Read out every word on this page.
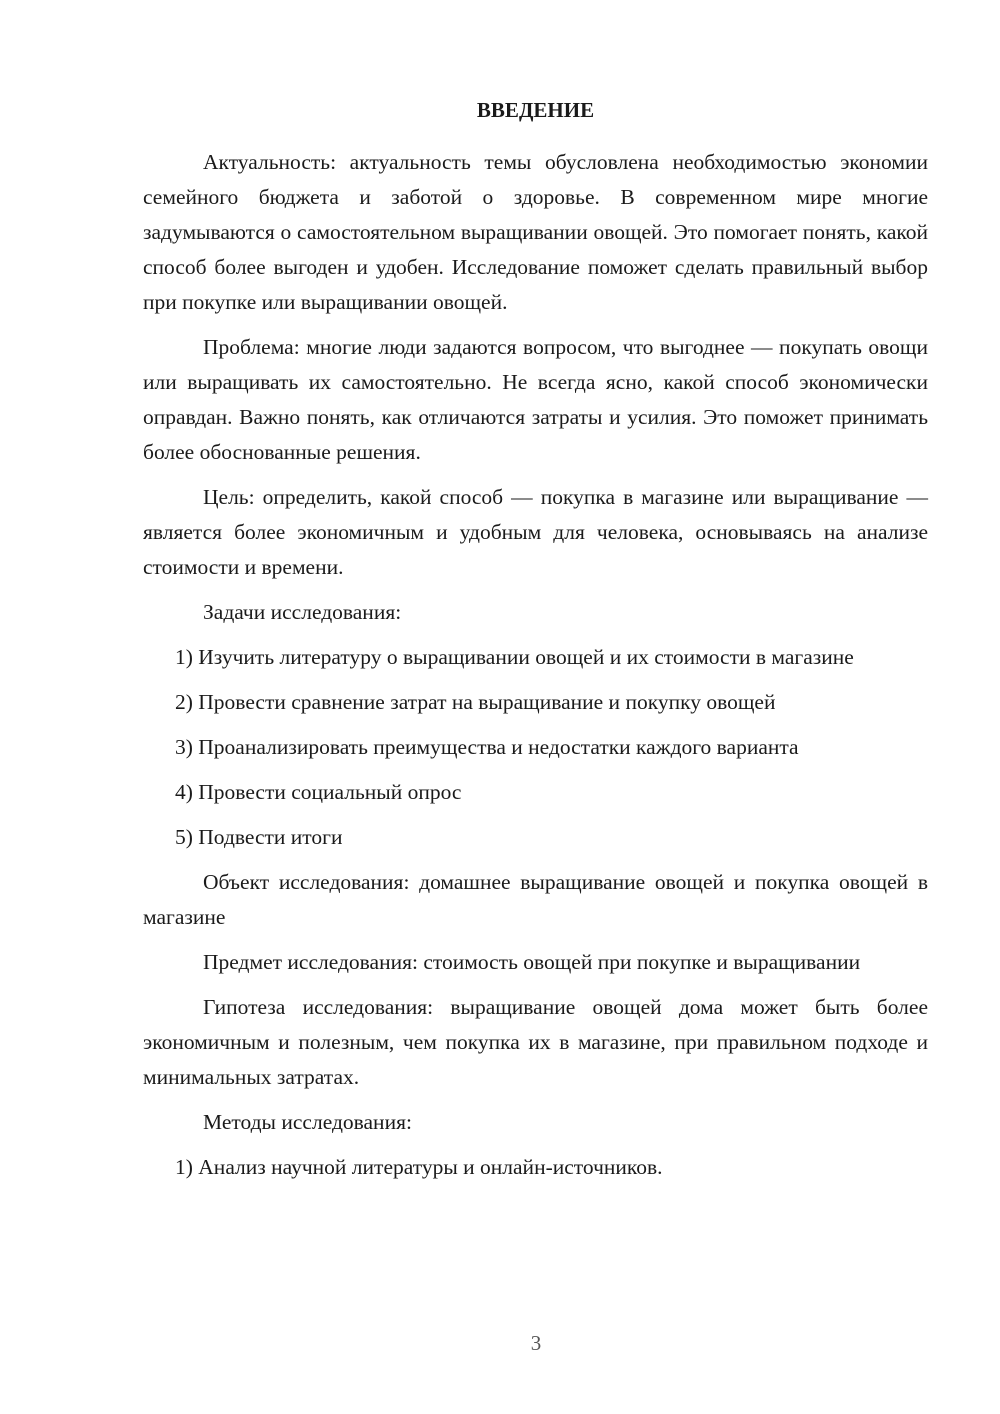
ВВЕДЕНИЕ

Актуальность: актуальность темы обусловлена необходимостью экономии семейного бюджета и заботой о здоровье. В современном мире многие задумываются о самостоятельном выращивании овощей. Это помогает понять, какой способ более выгоден и удобен. Исследование поможет сделать правильный выбор при покупке или выращивании овощей.

Проблема: многие люди задаются вопросом, что выгоднее — покупать овощи или выращивать их самостоятельно. Не всегда ясно, какой способ экономически оправдан. Важно понять, как отличаются затраты и усилия. Это поможет принимать более обоснованные решения.

Цель: определить, какой способ — покупка в магазине или выращивание — является более экономичным и удобным для человека, основываясь на анализе стоимости и времени.

Задачи исследования:

1) Изучить литературу о выращивании овощей и их стоимости в магазине

2) Провести сравнение затрат на выращивание и покупку овощей

3) Проанализировать преимущества и недостатки каждого варианта

4) Провести социальный опрос

5) Подвести итоги

Объект исследования: домашнее выращивание овощей и покупка овощей в магазине

Предмет исследования: стоимость овощей при покупке и выращивании

Гипотеза исследования: выращивание овощей дома может быть более экономичным и полезным, чем покупка их в магазине, при правильном подходе и минимальных затратах.

Методы исследования:

1) Анализ научной литературы и онлайн-источников.

3
